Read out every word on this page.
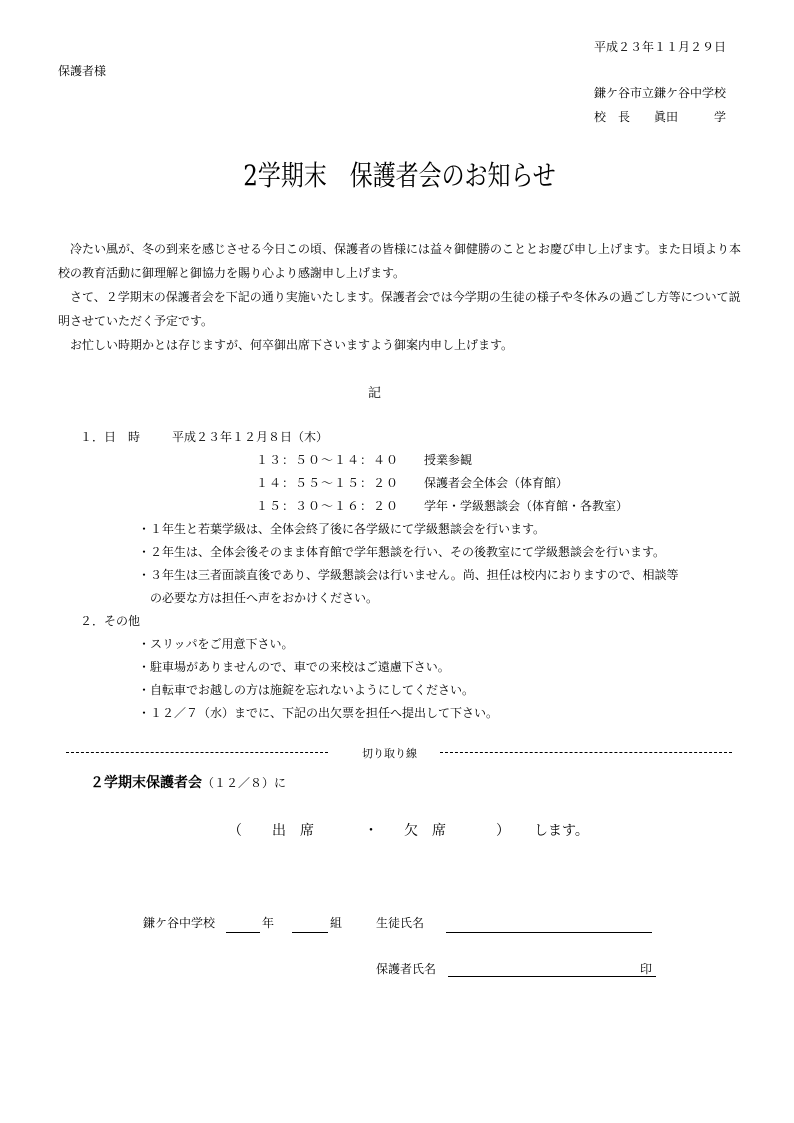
平成２３年１１月２９日
保護者様
鎌ケ谷市立鎌ケ谷中学校
校　長　　眞田　　　学
2学期末　保護者会のお知らせ
冷たい風が、冬の到来を感じさせる今日この頃、保護者の皆様には益々御健勝のこととお慶び申し上げます。また日頃より本校の教育活動に御理解と御協力を賜り心より感謝申し上げます。
さて、２学期末の保護者会を下記の通り実施いたします。保護者会では今学期の生徒の様子や冬休みの過ごし方等について説明させていただく予定です。
お忙しい時期かとは存じますが、何卒御出席下さいますよう御案内申し上げます。
記
１．日　時	平成２３年１２月８日（木）
１３：５０～１４：４０ 授業参観
１４：５５～１５：２０ 保護者会全体会（体育館）
１５：３０～１６：２０ 学年・学級懇談会（体育館・各教室）
・１年生と若葉学級は、全体会終了後に各学級にて学級懇談会を行います。
・２年生は、全体会後そのまま体育館で学年懇談を行い、その後教室にて学級懇談会を行います。
・３年生は三者面談直後であり、学級懇談会は行いません。尚、担任は校内におりますので、相談等
　の必要な方は担任へ声をおかけください。
２．その他
・スリッパをご用意下さい。
・駐車場がありませんので、車での来校はご遠慮下さい。
・自転車でお越しの方は施錠を忘れないようにしてください。
・１２／７（水）までに、下記の出欠票を担任へ提出して下さい。
切り取り線
２学期末保護者会（１２／８）に
（ 出　席	・ 欠　席	） します。
鎌ケ谷中学校	年	組	生徒氏名
保護者氏名	印
